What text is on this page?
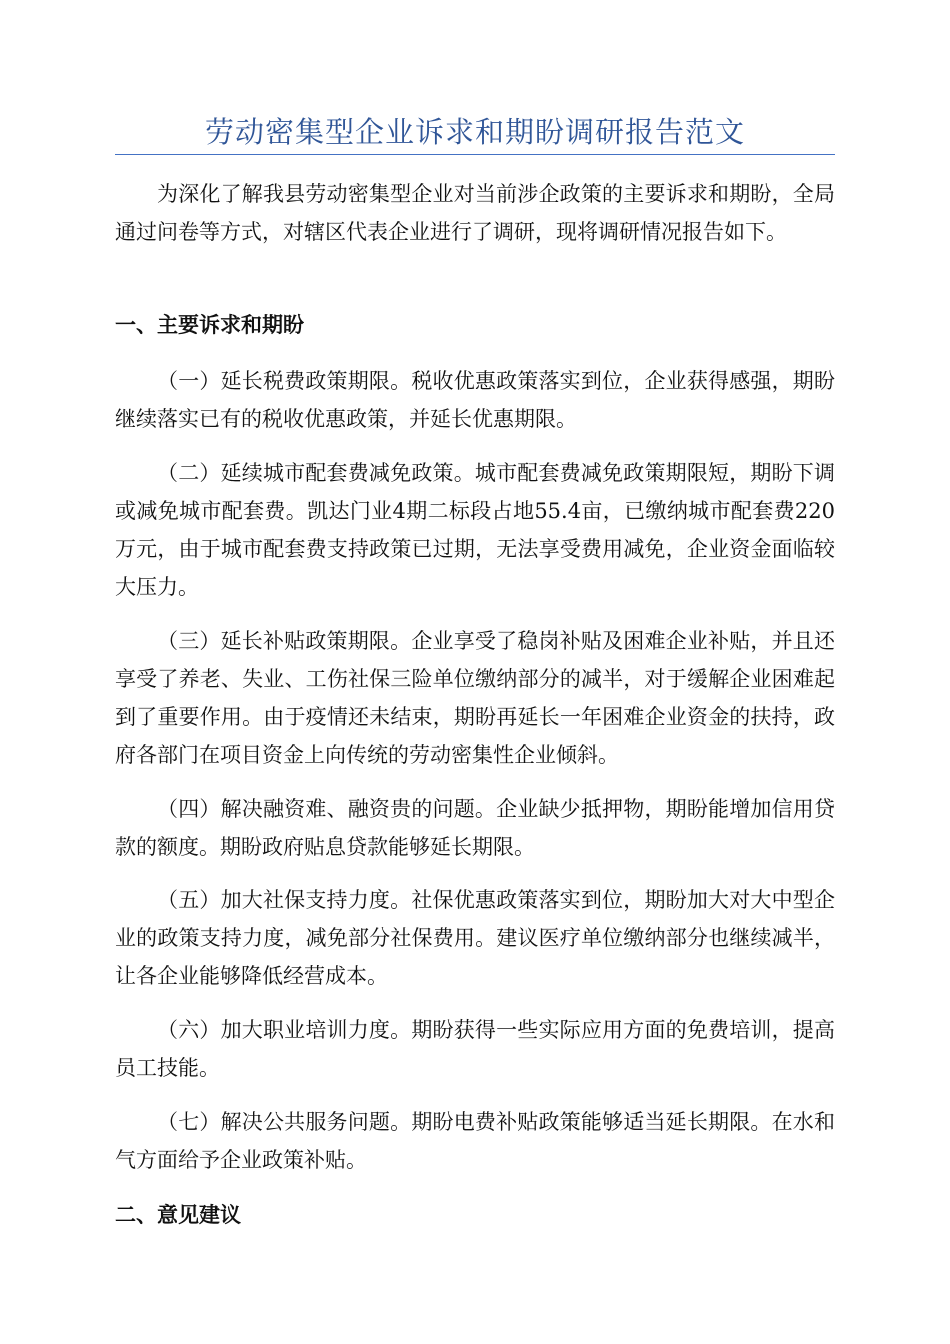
劳动密集型企业诉求和期盼调研报告范文

为深化了解我县劳动密集型企业对当前涉企政策的主要诉求和期盼，全局通过问卷等方式，对辖区代表企业进行了调研，现将调研情况报告如下。

一、主要诉求和期盼

（一）延长税费政策期限。税收优惠政策落实到位，企业获得感强，期盼继续落实已有的税收优惠政策，并延长优惠期限。

（二）延续城市配套费减免政策。城市配套费减免政策期限短，期盼下调或减免城市配套费。凯达门业4期二标段占地55.4亩，已缴纳城市配套费220万元，由于城市配套费支持政策已过期，无法享受费用减免，企业资金面临较大压力。

（三）延长补贴政策期限。企业享受了稳岗补贴及困难企业补贴，并且还享受了养老、失业、工伤社保三险单位缴纳部分的减半，对于缓解企业困难起到了重要作用。由于疫情还未结束，期盼再延长一年困难企业资金的扶持，政府各部门在项目资金上向传统的劳动密集性企业倾斜。

（四）解决融资难、融资贵的问题。企业缺少抵押物，期盼能增加信用贷款的额度。期盼政府贴息贷款能够延长期限。

（五）加大社保支持力度。社保优惠政策落实到位，期盼加大对大中型企业的政策支持力度，减免部分社保费用。建议医疗单位缴纳部分也继续减半，让各企业能够降低经营成本。

（六）加大职业培训力度。期盼获得一些实际应用方面的免费培训，提高员工技能。

（七）解决公共服务问题。期盼电费补贴政策能够适当延长期限。在水和气方面给予企业政策补贴。

二、意见建议
